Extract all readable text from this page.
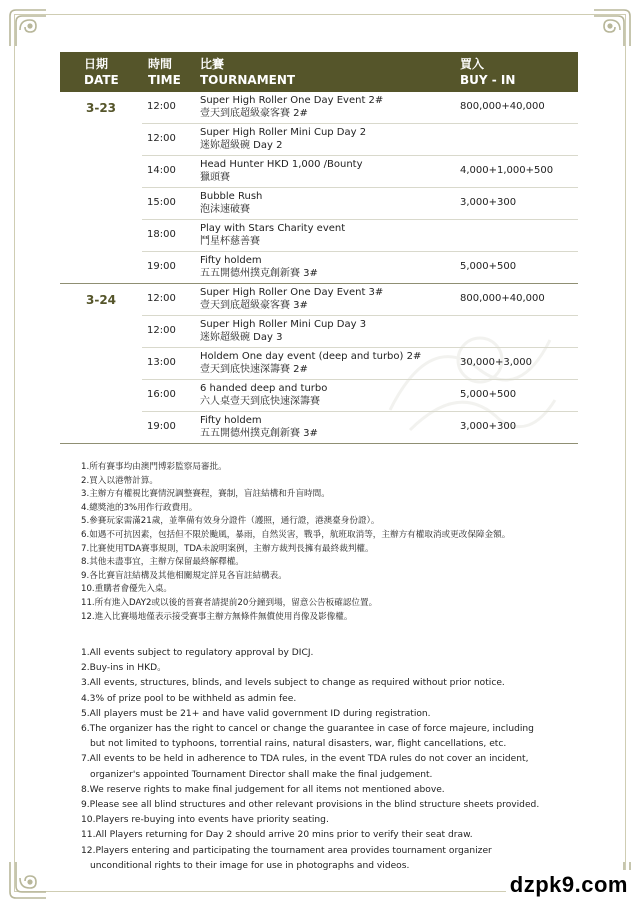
日期
DATE
時間
TIME
比賽
TOURNAMENT
買入
BUY - IN
3-23	12:00
Super High Roller One Day Event 2#
壹天到底超級豪客賽 2#
800,000+40,000
12:00
Super High Roller Mini Cup Day 2
迷妳超級碗 Day 2
14:00
Head Hunter HKD 1,000 /Bounty
獵頭賽
4,000+1,000+500
15:00
Bubble Rush
泡沫速破賽
3,000+300
18:00
Play with Stars Charity event
鬥星杯慈善賽
19:00
Fifty holdem
五五開德州撲克創新賽 3#
5,000+500
3-24	12:00
Super High Roller One Day Event 3#
壹天到底超級豪客賽 3#
800,000+40,000
12:00
Super High Roller Mini Cup Day 3
迷妳超級碗 Day 3
13:00
Holdem One day event (deep and turbo) 2#
壹天到底快速深籌賽 2#
30,000+3,000
16:00
6 handed deep and turbo
六人桌壹天到底快速深籌賽
5,000+500
19:00
Fifty holdem
五五開德州撲克創新賽 3#
3,000+300
1.所有賽事均由澳門博彩監察局審批。
2.買入以港幣計算。
3.主辦方有權視比賽情況調整賽程，賽制，盲註結構和升盲時間。
4.總獎池的3%用作行政費用。
5.參賽玩家需滿21歲，並準備有效身分證件（護照，通行證，港澳臺身份證）。
6.如遇不可抗因素，包括但不限於颱風，暴雨，自然災害，戰爭，航班取消等，主辦方有權取消或更改保障金額。
7.比賽使用TDA賽事規則，TDA未說明案例，主辦方裁判長擁有最終裁判權。
8.其他未盡事宜，主辦方保留最終解釋權。
9.各比賽盲註結構及其他相關規定詳見各盲註結構表。
10.重購者會優先入桌。
11.所有進入DAY2或以後的晉賽者請提前20分鐘到場，留意公告板確認位置。
12.進入比賽場地僅表示接受賽事主辦方無條件無償使用肖像及影像權。
1.All events subject to regulatory approval by DICJ.
2.Buy-ins in HKD。
3.All events, structures, blinds, and levels subject to change as required without prior notice.
4.3% of prize pool to be withheld as admin fee.
5.All players must be 21+ and have valid government ID during registration.
6.The organizer has the right to cancel or change the guarantee in case of force majeure, including
but not limited to typhoons, torrential rains, natural disasters, war, flight cancellations, etc.
7.All events to be held in adherence to TDA rules, in the event TDA rules do not cover an incident,
organizer's appointed Tournament Director shall make the final judgement.
8.We reserve rights to make final judgement for all items not mentioned above.
9.Please see all blind structures and other relevant provisions in the blind structure sheets provided.
10.Players re-buying into events have priority seating.
11.All Players returning for Day 2 should arrive 20 mins prior to verify their seat draw.
12.Players entering and participating the tournament area provides tournament organizer
unconditional rights to their image for use in photographs and videos.
dzpk9.com
